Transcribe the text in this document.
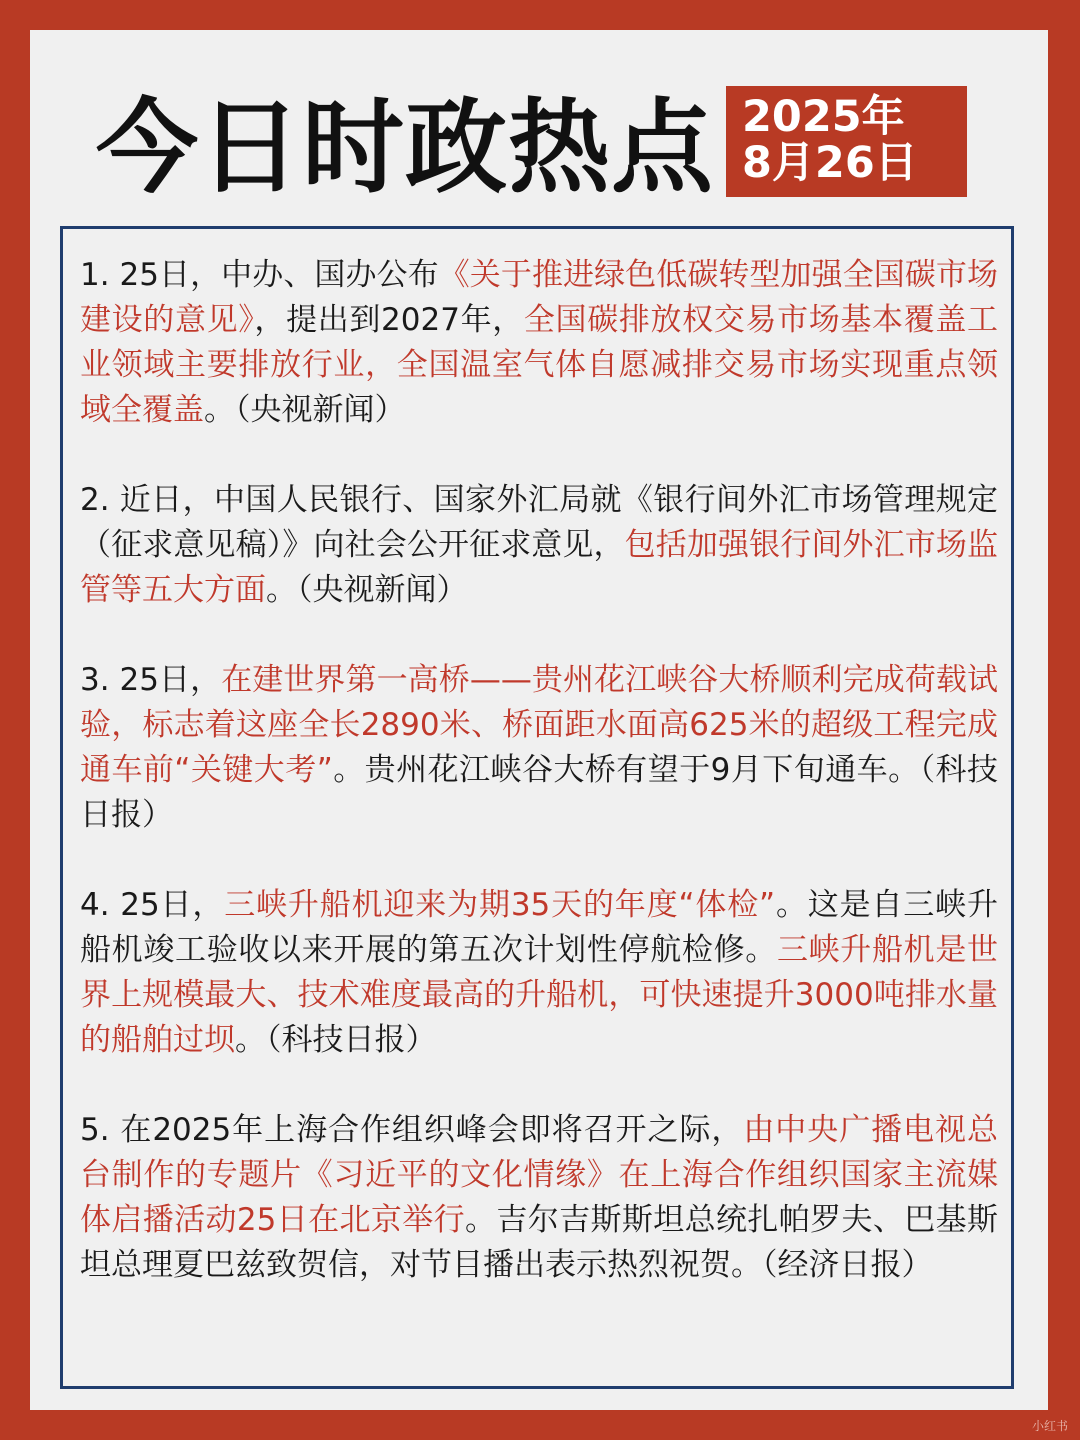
今日时政热点 2025年
8月26日
1. 25日，中办、国办公布《关于推进绿色低碳转型加强全国碳市场建设的意见》，提出到2027年，全国碳排放权交易市场基本覆盖工业领域主要排放行业，全国温室气体自愿减排交易市场实现重点领域全覆盖。（央视新闻）
2. 近日，中国人民银行、国家外汇局就《银行间外汇市场管理规定（征求意见稿）》向社会公开征求意见，包括加强银行间外汇市场监管等五大方面。（央视新闻）
3. 25日，在建世界第一高桥——贵州花江峡谷大桥顺利完成荷载试验，标志着这座全长2890米、桥面距水面高625米的超级工程完成通车前“关键大考”。贵州花江峡谷大桥有望于9月下旬通车。（科技日报）
4. 25日，三峡升船机迎来为期35天的年度“体检”。这是自三峡升船机竣工验收以来开展的第五次计划性停航检修。三峡升船机是世界上规模最大、技术难度最高的升船机，可快速提升3000吨排水量的船舶过坝。（科技日报）
5. 在2025年上海合作组织峰会即将召开之际，由中央广播电视总台制作的专题片《习近平的文化情缘》在上海合作组织国家主流媒体启播活动25日在北京举行。吉尔吉斯斯坦总统扎帕罗夫、巴基斯坦总理夏巴兹致贺信，对节目播出表示热烈祝贺。（经济日报）
小红书
